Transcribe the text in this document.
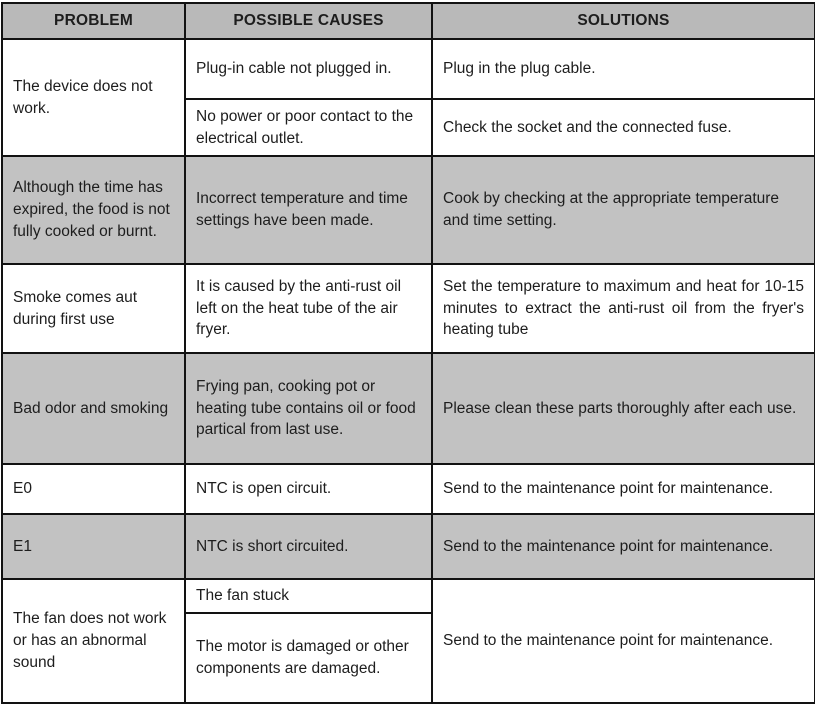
PROBLEM	POSSIBLE CAUSES	SOLUTIONS
The device does not work.	Plug-in cable not plugged in.	Plug in the plug cable.
	No power or poor contact to the electrical outlet.	Check the socket and the connected fuse.
Although the time has expired, the food is not fully cooked or burnt.	Incorrect temperature and time settings have been made.	Cook by checking at the appropriate temperature and time setting.
Smoke comes aut during first use	It is caused by the anti-rust oil left on the heat tube of the air fryer.	Set the temperature to maximum and heat for 10-15 minutes to extract the anti-rust oil from the fryer's heating tube
Bad odor and smoking	Frying pan, cooking pot or heating tube contains oil or food partical from last use.	Please clean these parts thoroughly after each use.
E0	NTC is open circuit.	Send to the maintenance point for maintenance.
E1	NTC is short circuited.	Send to the maintenance point for maintenance.
The fan does not work or has an abnormal sound	The fan stuck	Send to the maintenance point for maintenance.
	The motor is damaged or other components are damaged.	
